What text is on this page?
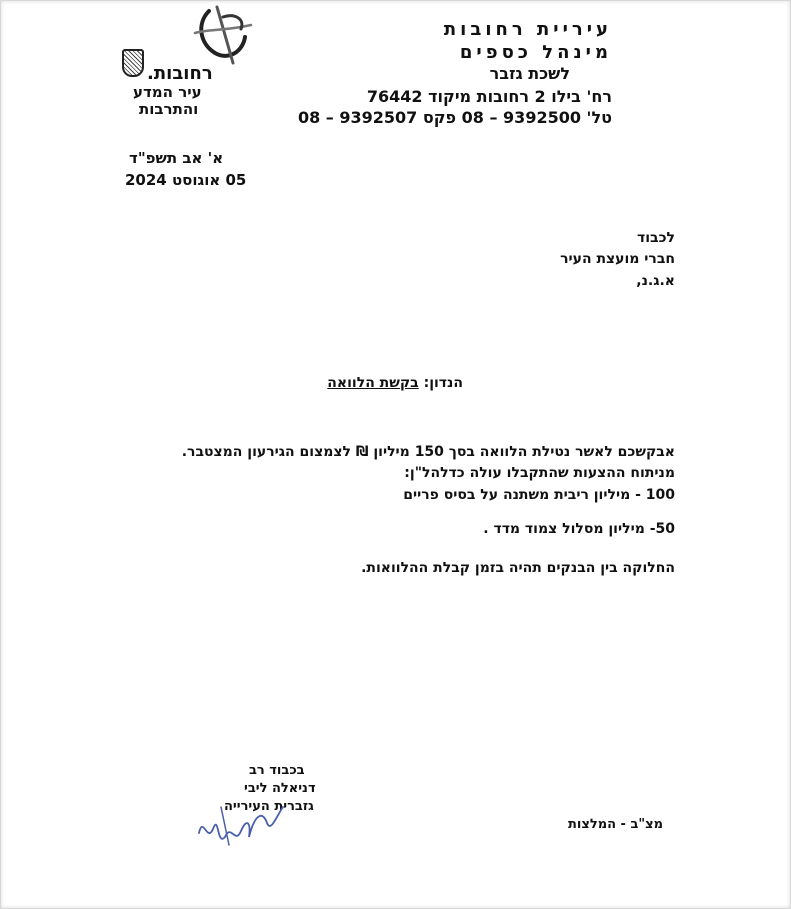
רחובות.
עיר המדע
והתרבות
עיריית רחובות
מינהל כספים
לשכת גזבר
רח' בילו 2 רחובות מיקוד 76442
טל' 9392500 – 08 פקס 9392507 – 08
א' אב תשפ"ד
05 אוגוסט 2024
לכבוד
חברי מועצת העיר
א.ג.נ,
הנדון: בקשת הלוואה
אבקשכם לאשר נטילת הלוואה בסך 150 מיליון ₪ לצמצום הגירעון המצטבר.
מניתוח ההצעות שהתקבלו עולה כדלהל"ן:
100 - מיליון ריבית משתנה על בסיס פריים
50- מיליון מסלול צמוד מדד .
החלוקה בין הבנקים תהיה בזמן קבלת ההלוואות.
בכבוד רב
דניאלה ליבי
גזברית העירייה
מצ"ב - המלצות
